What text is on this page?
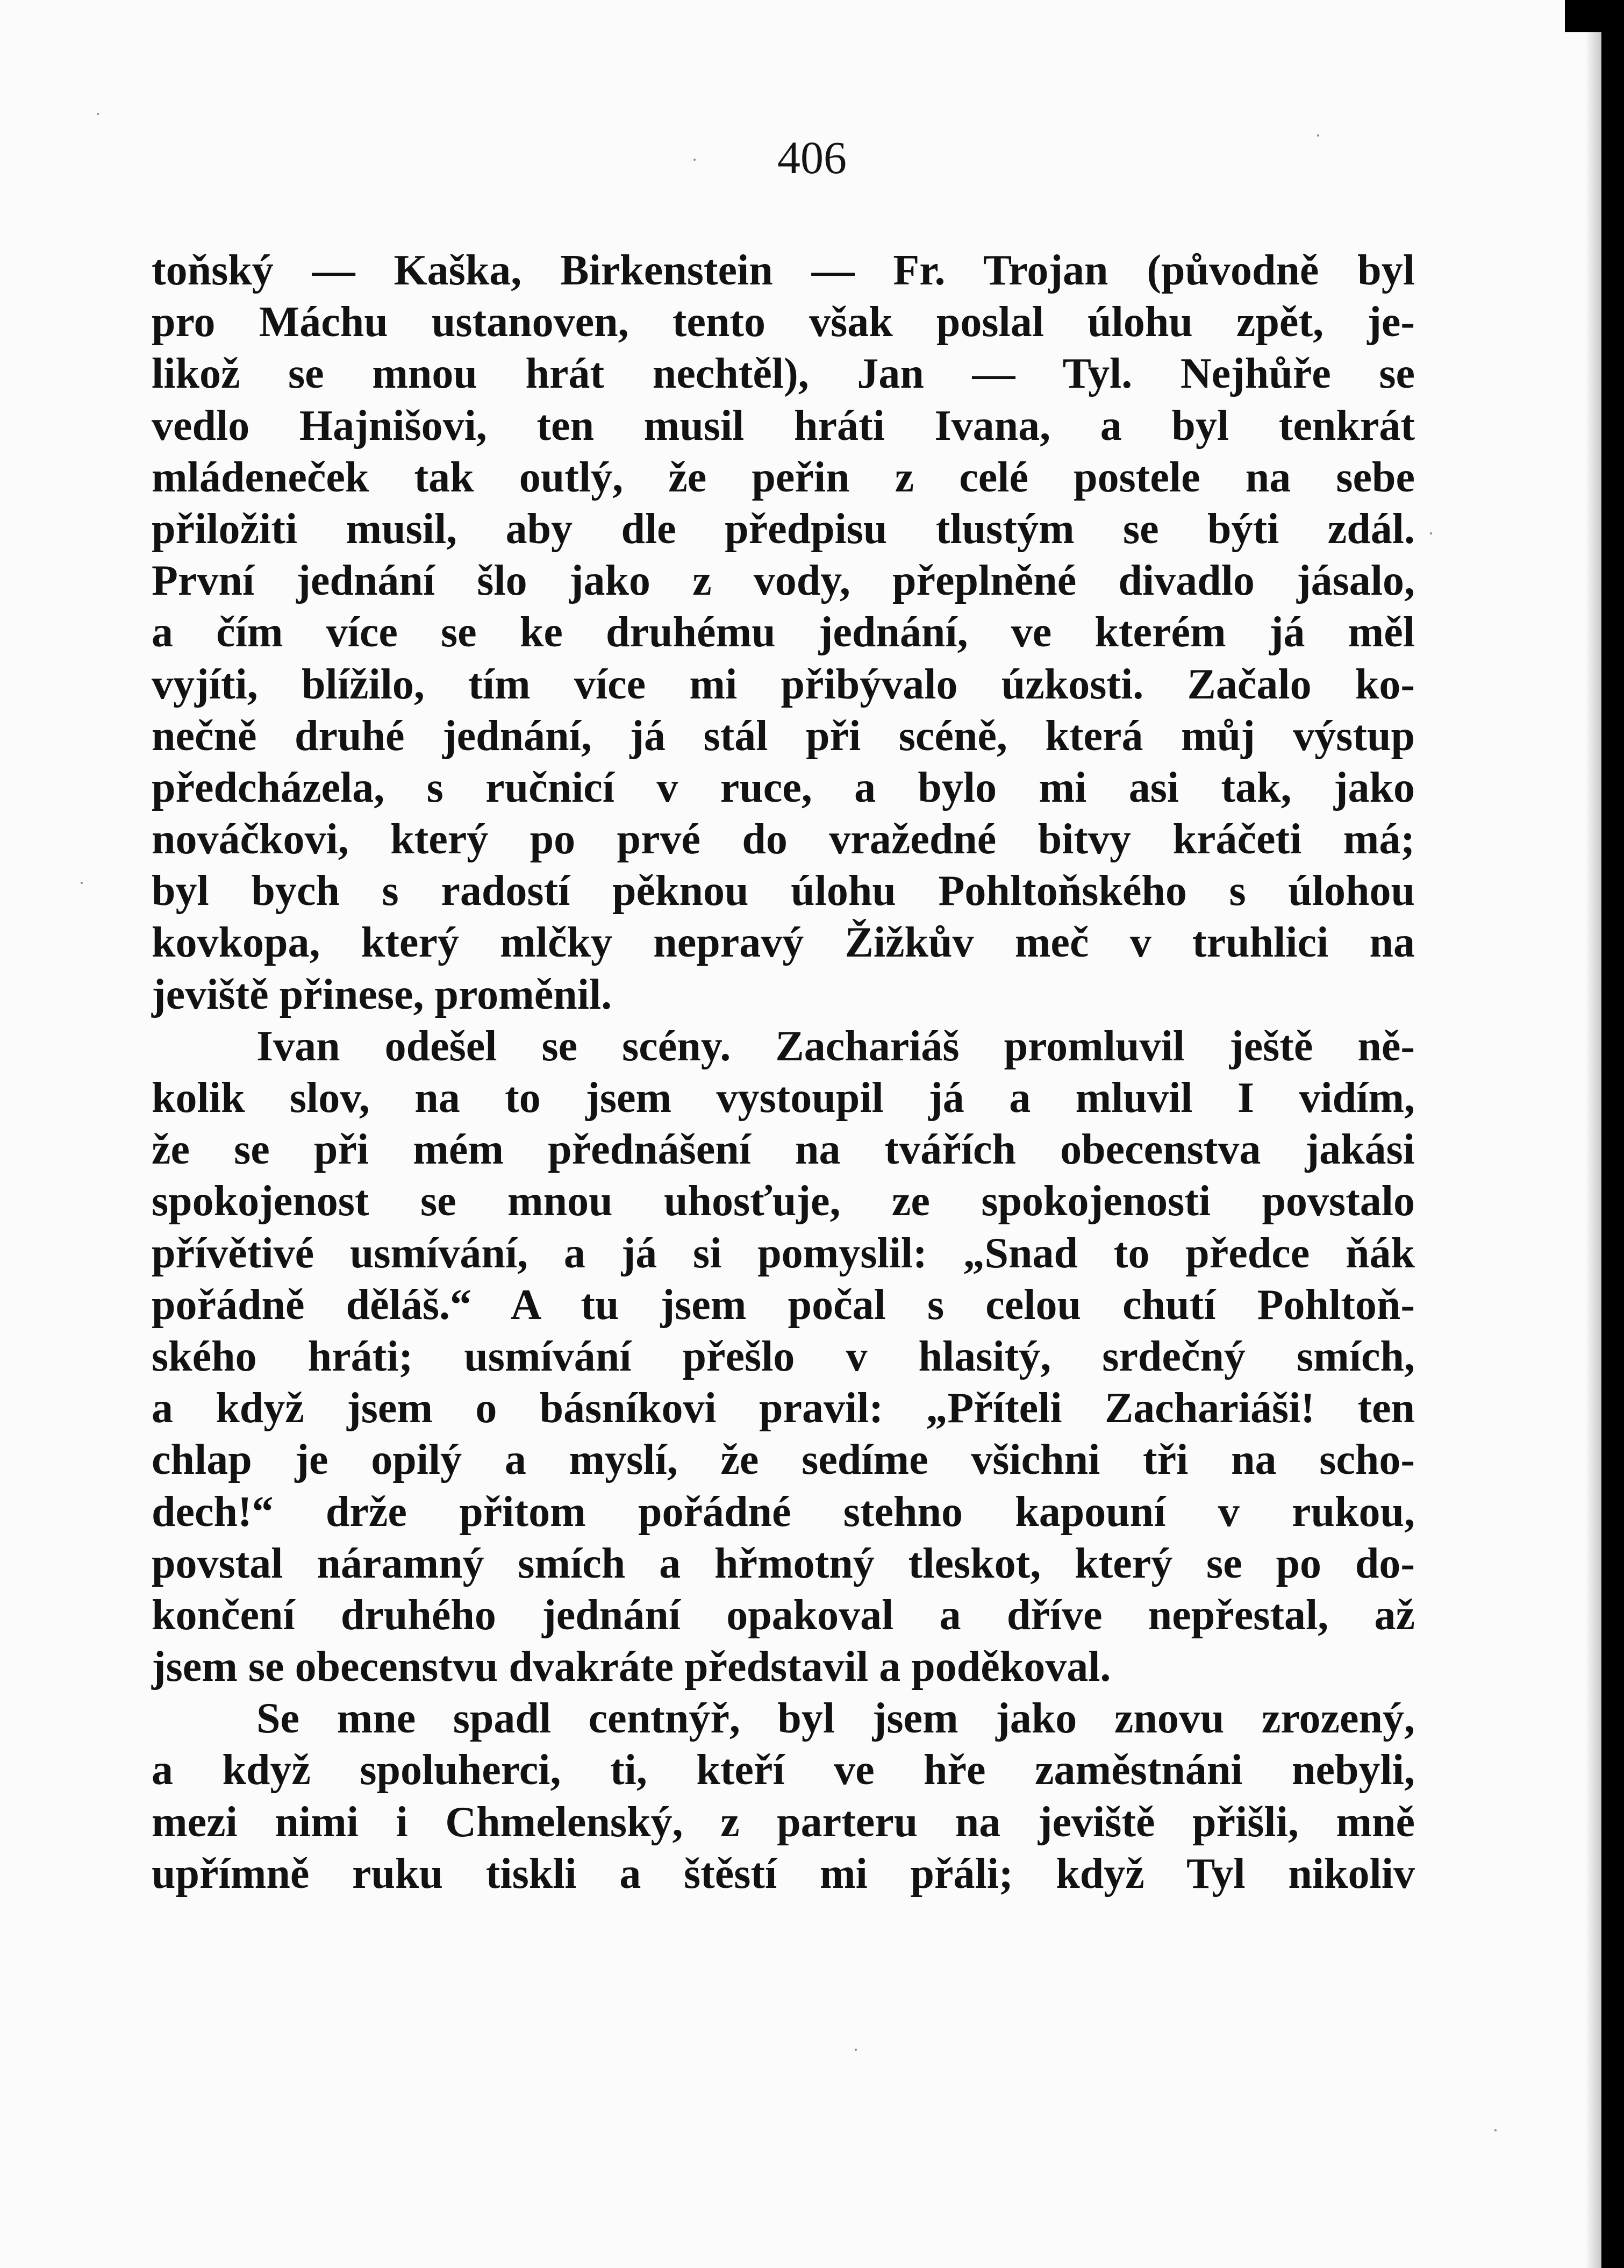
406

toňský — Kaška, Birkenstein — Fr. Trojan (původně byl
pro Máchu ustanoven, tento však poslal úlohu zpět, je-
likož se mnou hrát nechtěl), Jan — Tyl. Nejhůře se
vedlo Hajnišovi, ten musil hráti Ivana, a byl tenkrát
mládeneček tak outlý, že peřin z celé postele na sebe
přiložiti musil, aby dle předpisu tlustým se býti zdál.
První jednání šlo jako z vody, přeplněné divadlo jásalo,
a čím více se ke druhému jednání, ve kterém já měl
vyjíti, blížilo, tím více mi přibývalo úzkosti. Začalo ko-
nečně druhé jednání, já stál při scéně, která můj výstup
předcházela, s ručnicí v ruce, a bylo mi asi tak, jako
nováčkovi, který po prvé do vražedné bitvy kráčeti má;
byl bych s radostí pěknou úlohu Pohltoňského s úlohou
kovkopa, který mlčky nepravý Žižkův meč v truhlici na
jeviště přinese, proměnil.
Ivan odešel se scény. Zachariáš promluvil ještě ně-
kolik slov, na to jsem vystoupil já a mluvil I vidím,
že se při mém přednášení na tvářích obecenstva jakási
spokojenost se mnou uhosťuje, ze spokojenosti povstalo
přívětivé usmívání, a já si pomyslil: „Snad to předce ňák
pořádně děláš.“ A tu jsem počal s celou chutí Pohltoň-
ského hráti; usmívání přešlo v hlasitý, srdečný smích,
a když jsem o básníkovi pravil: „Příteli Zachariáši! ten
chlap je opilý a myslí, že sedíme všichni tři na scho-
dech!“ drže přitom pořádné stehno kapouní v rukou,
povstal náramný smích a hřmotný tleskot, který se po do-
končení druhého jednání opakoval a dříve nepřestal, až
jsem se obecenstvu dvakráte představil a poděkoval.
Se mne spadl centnýř, byl jsem jako znovu zrozený,
a když spoluherci, ti, kteří ve hře zaměstnáni nebyli,
mezi nimi i Chmelenský, z parteru na jeviště přišli, mně
upřímně ruku tiskli a štěstí mi přáli; když Tyl nikoliv
